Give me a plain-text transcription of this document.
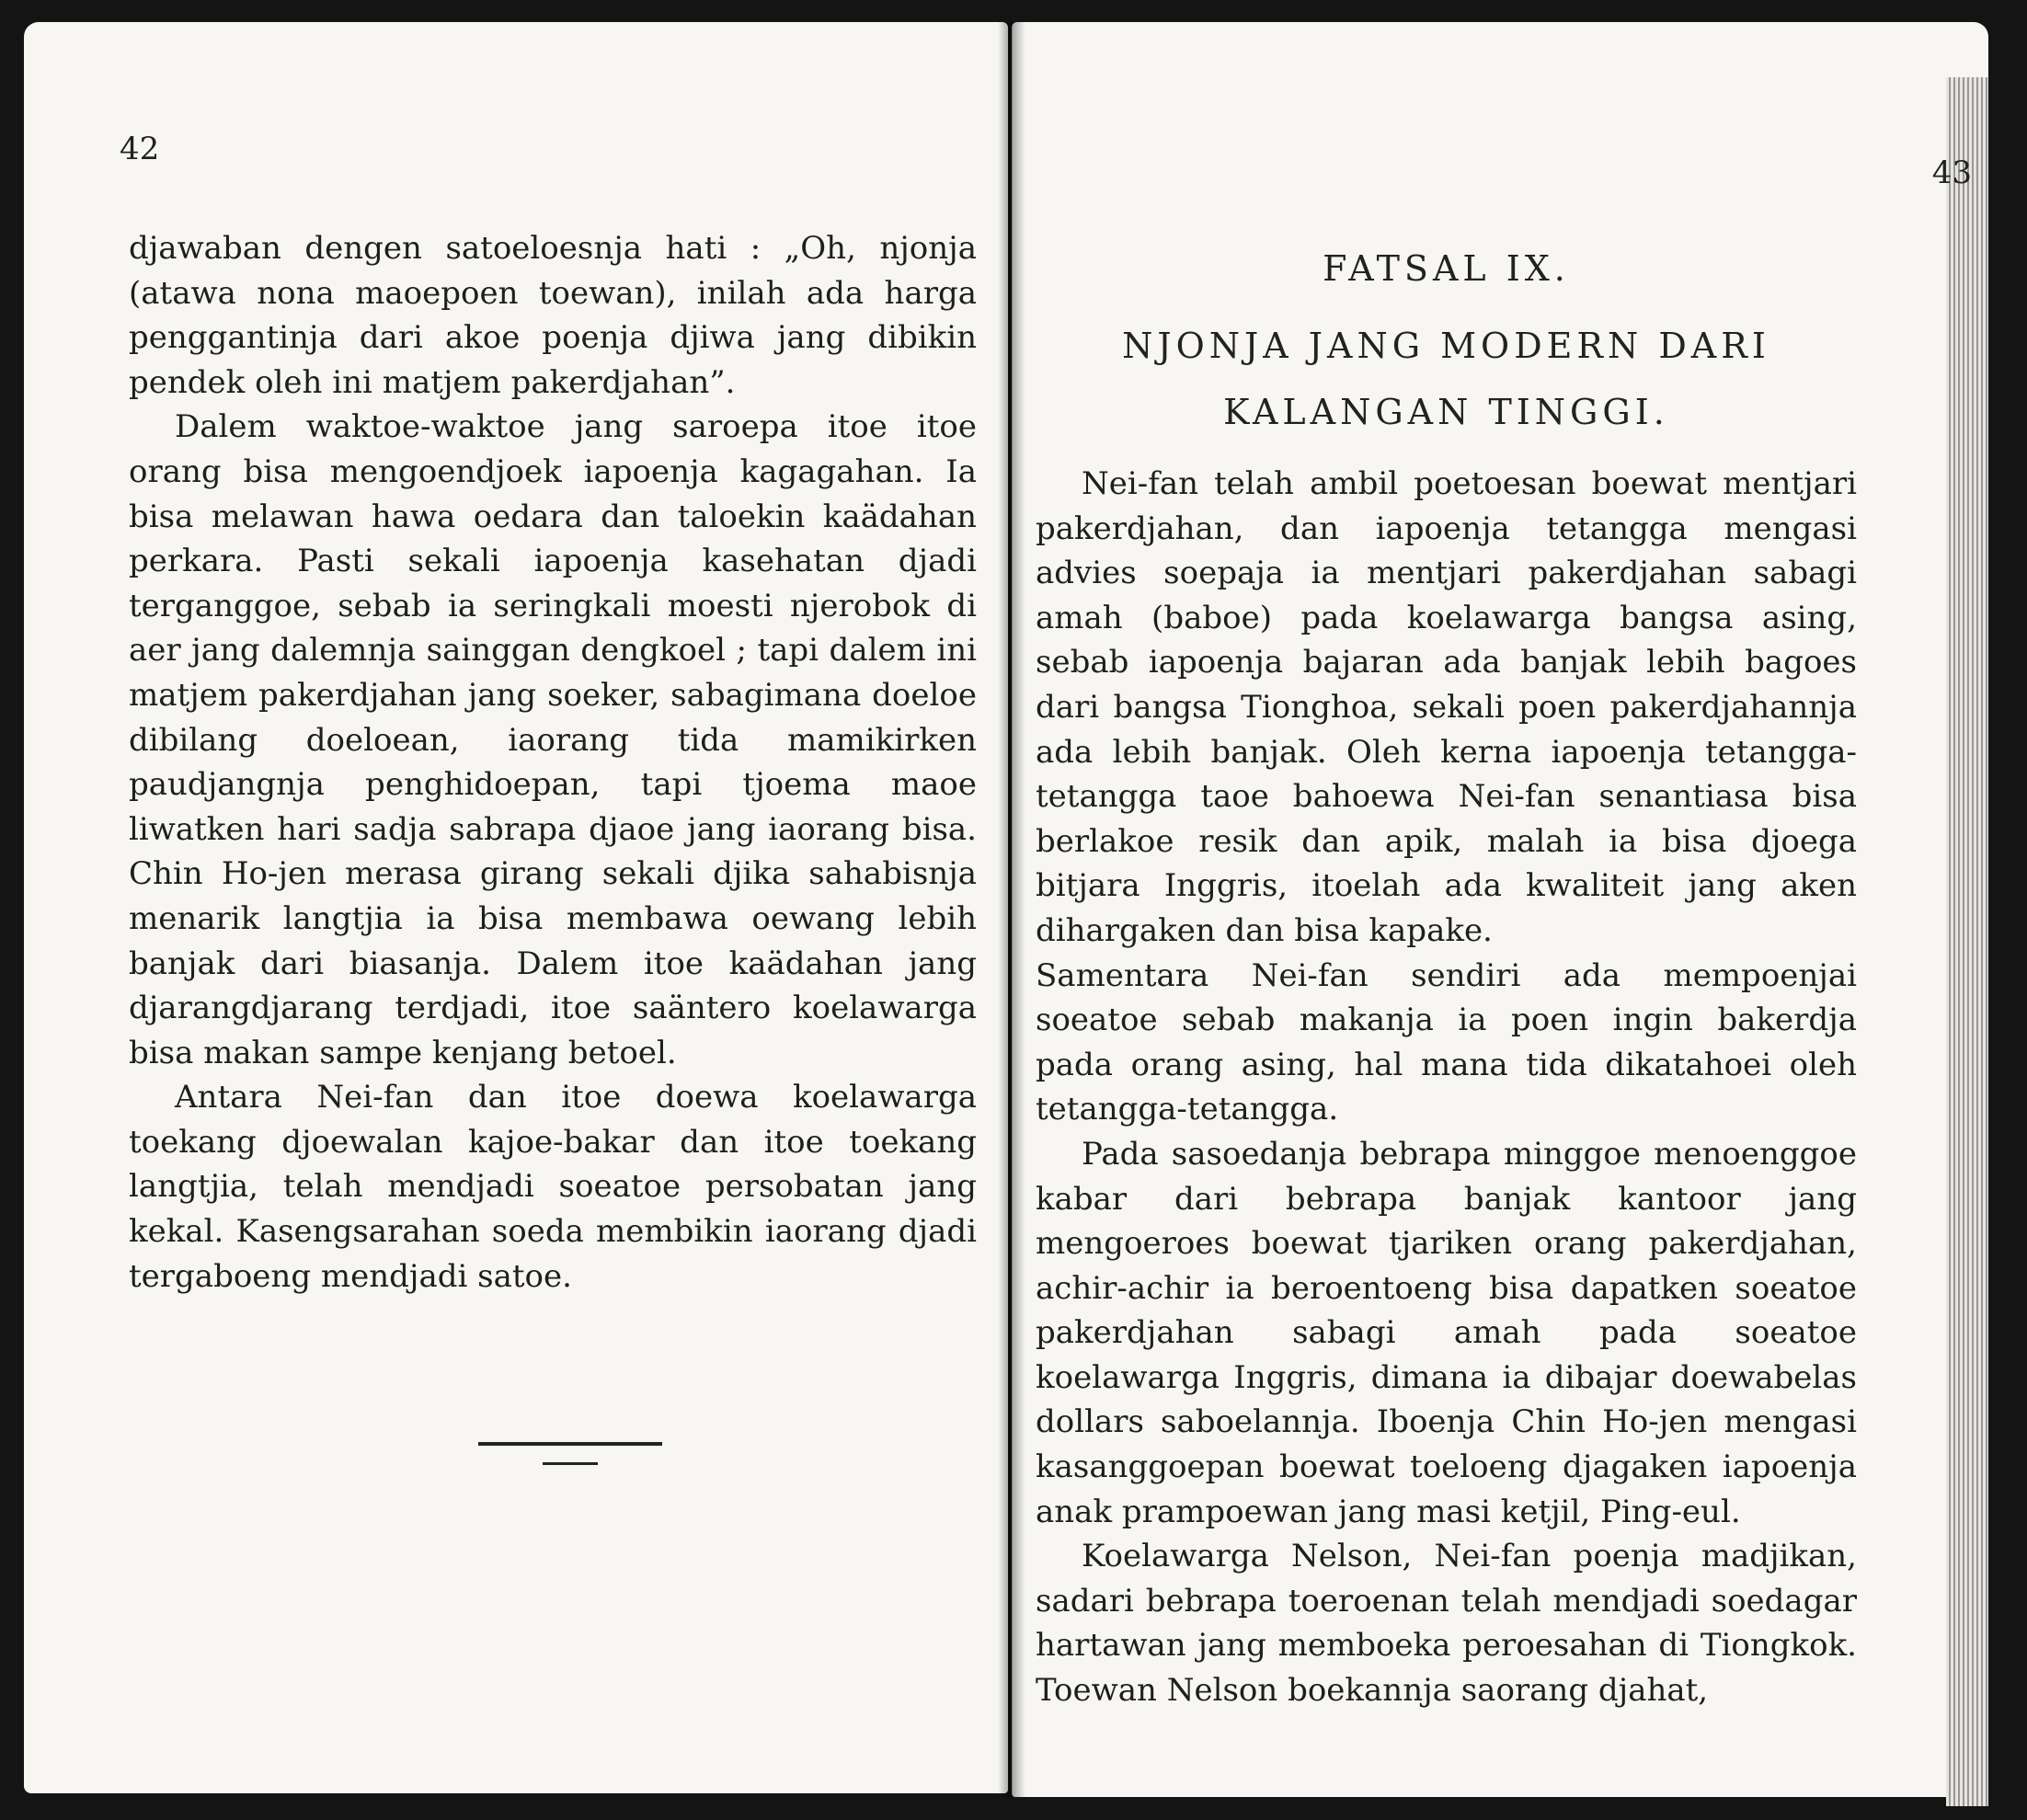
42
43

djawaban dengen satoeloesnja hati : „Oh, njonja (atawa nona maoepoen toewan), inilah ada harga penggantinja dari akoe poenja djiwa jang dibikin pendek oleh ini matjem pakerdjahan”.

Dalem waktoe-waktoe jang saroepa itoe itoe orang bisa mengoendjoek iapoenja kagagahan. Ia bisa melawan hawa oedara dan taloekin kaädahan perkara. Pasti sekali iapoenja kasehatan djadi terganggoe, sebab ia seringkali moesti njerobok di aer jang dalemnja sainggan dengkoel ; tapi dalem ini matjem pakerdjahan jang soeker, sabagimana doeloe dibilang doeloean, iaorang tida mamikirken paudjangnja penghidoepan, tapi tjoema maoe liwatken hari sadja sabrapa djaoe jang iaorang bisa. Chin Ho-jen merasa girang sekali djika sahabisnja menarik langtjia ia bisa membawa oewang lebih banjak dari biasanja. Dalem itoe kaädahan jang djarangdjarang terdjadi, itoe saäntero koelawarga bisa makan sampe kenjang betoel.

Antara Nei-fan dan itoe doewa koelawarga toekang djoewalan kajoe-bakar dan itoe toekang langtjia, telah mendjadi soeatoe persobatan jang kekal. Kasengsarahan soeda membikin iaorang djadi tergaboeng mendjadi satoe.

FATSAL IX.
NJONJA JANG MODERN DARI
KALANGAN TINGGI.

Nei-fan telah ambil poetoesan boewat mentjari pakerdjahan, dan iapoenja tetangga mengasi advies soepaja ia mentjari pakerdjahan sabagi amah (baboe) pada koelawarga bangsa asing, sebab iapoenja bajaran ada banjak lebih bagoes dari bangsa Tionghoa, sekali poen pakerdjahannja ada lebih banjak. Oleh kerna iapoenja tetangga-tetangga taoe bahoewa Nei-fan senantiasa bisa berlakoe resik dan apik, malah ia bisa djoega bitjara Inggris, itoelah ada kwaliteit jang aken dihargaken dan bisa kapake.

Samentara Nei-fan sendiri ada mempoenjai soeatoe sebab makanja ia poen ingin bakerdja pada orang asing, hal mana tida dikatahoei oleh tetangga-tetangga.

Pada sasoedanja bebrapa minggoe menoenggoe kabar dari bebrapa banjak kantoor jang mengoeroes boewat tjariken orang pakerdjahan, achir-achir ia beroentoeng bisa dapatken soeatoe pakerdjahan sabagi amah pada soeatoe koelawarga Inggris, dimana ia dibajar doewabelas dollars saboelannja. Iboenja Chin Ho-jen mengasi kasanggoepan boewat toeloeng djagaken iapoenja anak prampoewan jang masi ketjil, Ping-eul.

Koelawarga Nelson, Nei-fan poenja madjikan, sadari bebrapa toeroenan telah mendjadi soedagar hartawan jang memboeka peroesahan di Tiongkok. Toewan Nelson boekannja saorang djahat,
